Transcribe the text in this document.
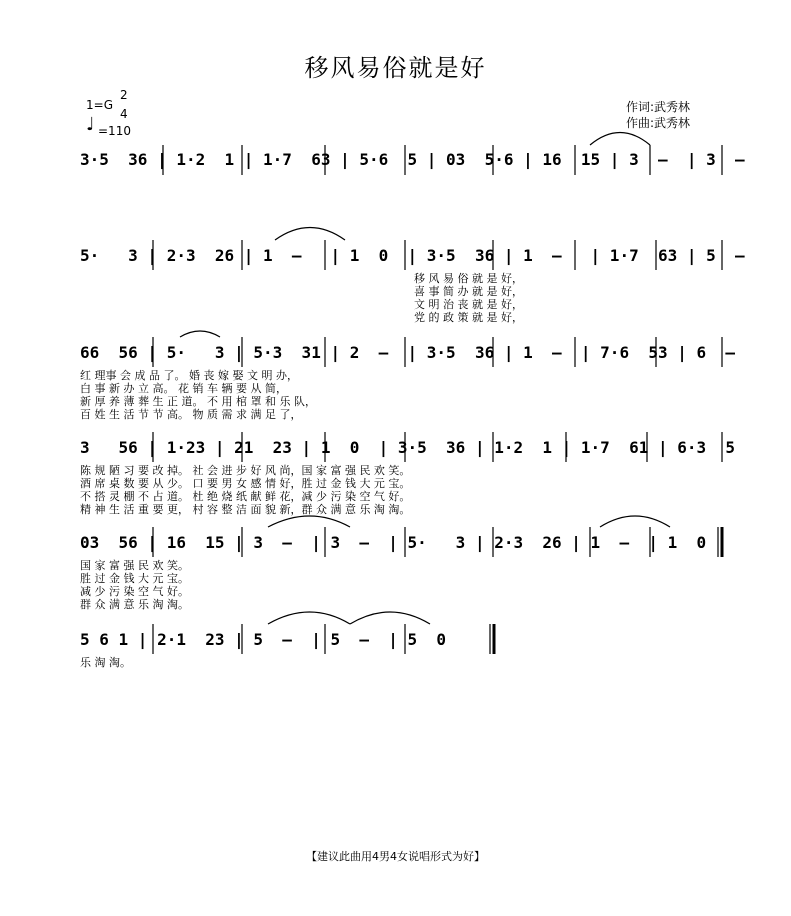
移风易俗就是好
1=G
2
4
♩ =110
作词:武秀林
作曲:武秀林
3·5  36 | 1·2  1 | 1·7  63 | 5·6  5 | 03  5·6 | 16  15 | 3  –  | 3  –
5·   3 | 2·3  26 | 1  –   | 1  0  | 3·5  36 | 1  –   | 1·7  63 | 5  –
66  56 | 5·   3 | 5·3  31 | 2  –  | 3·5  36 | 1  –  | 7·6  53 | 6  –
3   56 | 1·23 | 21  23 | 1  0  | 3·5  36 | 1·2  1 | 1·7  61 | 6·3  5
03  56 | 16  15 | 3  –  | 3  –  | 5·   3 | 2·3  26 | 1  –  | 1  0
5 6 1 | 2·1  23 | 5  –  | 5  –  | 5  0
移 风 易 俗 就 是 好，
喜 事 简 办 就 是 好，
文 明 治 丧 就 是 好，
党 的 政 策 就 是 好，
红 理事 会 成 品 了。 婚 丧 嫁 娶 文 明 办，
白 事 新 办 立 高。 花 销 车 辆 要 从 简，
新 厚 养 薄 葬 生 正 道。 不 用 棺 罩 和 乐 队，
百 姓 生 活 节 节 高。 物 质 需 求 满 足 了，
陈 规 陋 习 要 改 掉。 社 会 进 步 好 风 尚，国 家 富 强 民 欢 笑。
酒 席 桌 数 要 从 少。 口 要 男 女 感 情 好，胜 过 金 钱 大 元 宝。
不 搭 灵 棚 不 占 道。 杜 绝 烧 纸 献 鲜 花，减 少 污 染 空 气 好。
精 神 生 活 重 要 更， 村 容 整 洁 面 貌 新，群 众 满 意 乐 淘 淘。
国 家 富 强 民 欢 笑。
胜 过 金 钱 大 元 宝。
减 少 污 染 空 气 好。
群 众 满 意 乐 淘 淘。
乐 淘 淘。
【建议此曲用4男4女说唱形式为好】
